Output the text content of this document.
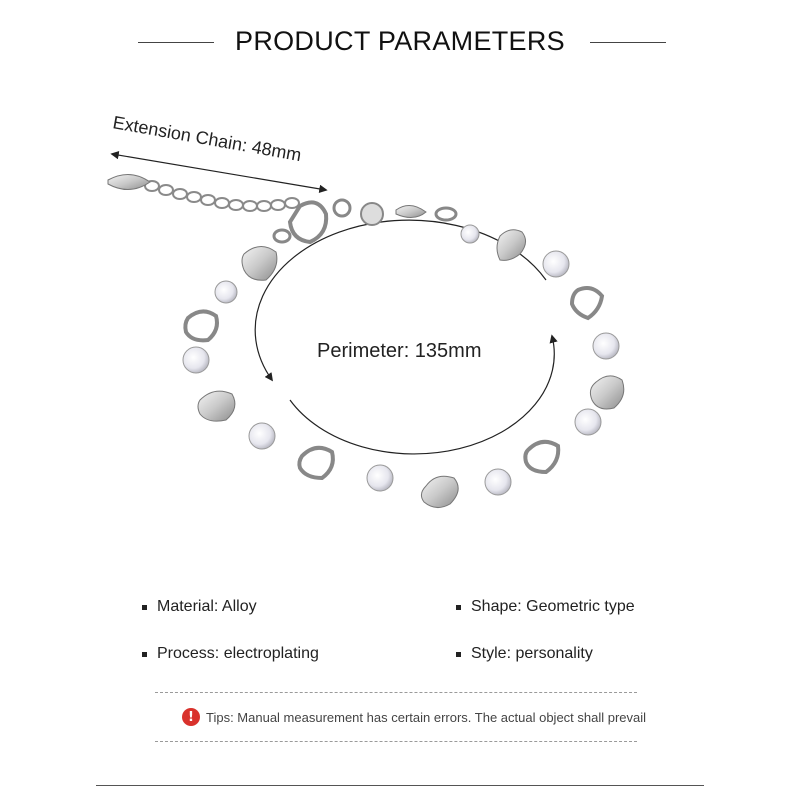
PRODUCT PARAMETERS
Extension Chain: 48mm
Perimeter: 135mm
Material: Alloy	Shape: Geometric type
Process: electroplating	Style: personality
! Tips: Manual measurement has certain errors. The actual object shall prevail
